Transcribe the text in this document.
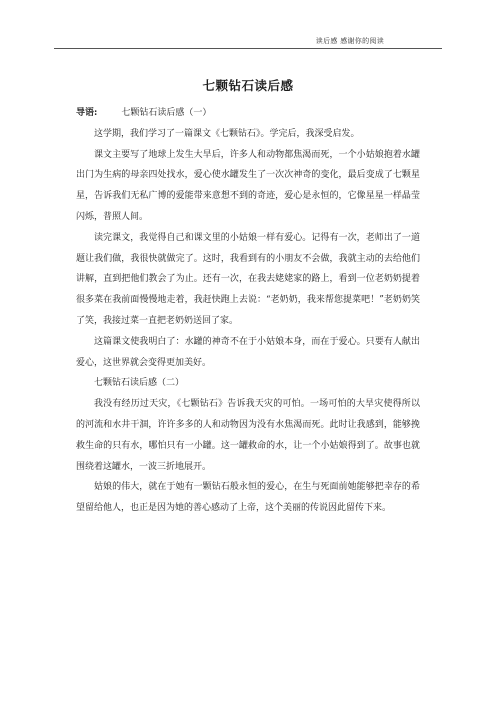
读后感 感谢你的阅读
七颗钻石读后感

导语:	七颗钻石读后感（一）

这学期，我们学习了一篇课文《七颗钻石》。学完后，我深受启发。

课文主要写了地球上发生大旱后，许多人和动物都焦渴而死，一个小姑娘抱着水罐出门为生病的母亲四处找水，爱心使水罐发生了一次次神奇的变化，最后变成了七颗星星，告诉我们无私广博的爱能带来意想不到的奇迹，爱心是永恒的，它像星星一样晶莹闪烁，普照人间。

读完课文，我觉得自己和课文里的小姑娘一样有爱心。记得有一次，老师出了一道题让我们做，我很快就做完了。这时，我看到有的小朋友不会做，我就主动的去给他们讲解，直到把他们教会了为止。还有一次，在我去姥姥家的路上，看到一位老奶奶提着很多菜在我前面慢慢地走着，我赶快跑上去说：“老奶奶，我来帮您提菜吧！”老奶奶笑了笑，我接过菜一直把老奶奶送回了家。

这篇课文使我明白了：水罐的神奇不在于小姑娘本身，而在于爱心。只要有人献出爱心，这世界就会变得更加美好。

七颗钻石读后感（二）

我没有经历过天灾，《七颗钻石》告诉我天灾的可怕。一场可怕的大旱灾使得所以的河流和水井干涸，许许多多的人和动物因为没有水焦渴而死。此时让我感到，能够挽救生命的只有水，哪怕只有一小罐。这一罐救命的水，让一个小姑娘得到了。故事也就围绕着这罐水，一波三折地展开。

姑娘的伟大，就在于她有一颗钻石般永恒的爱心，在生与死面前她能够把幸存的希望留给他人，也正是因为她的善心感动了上帝，这个美丽的传说因此留传下来。
